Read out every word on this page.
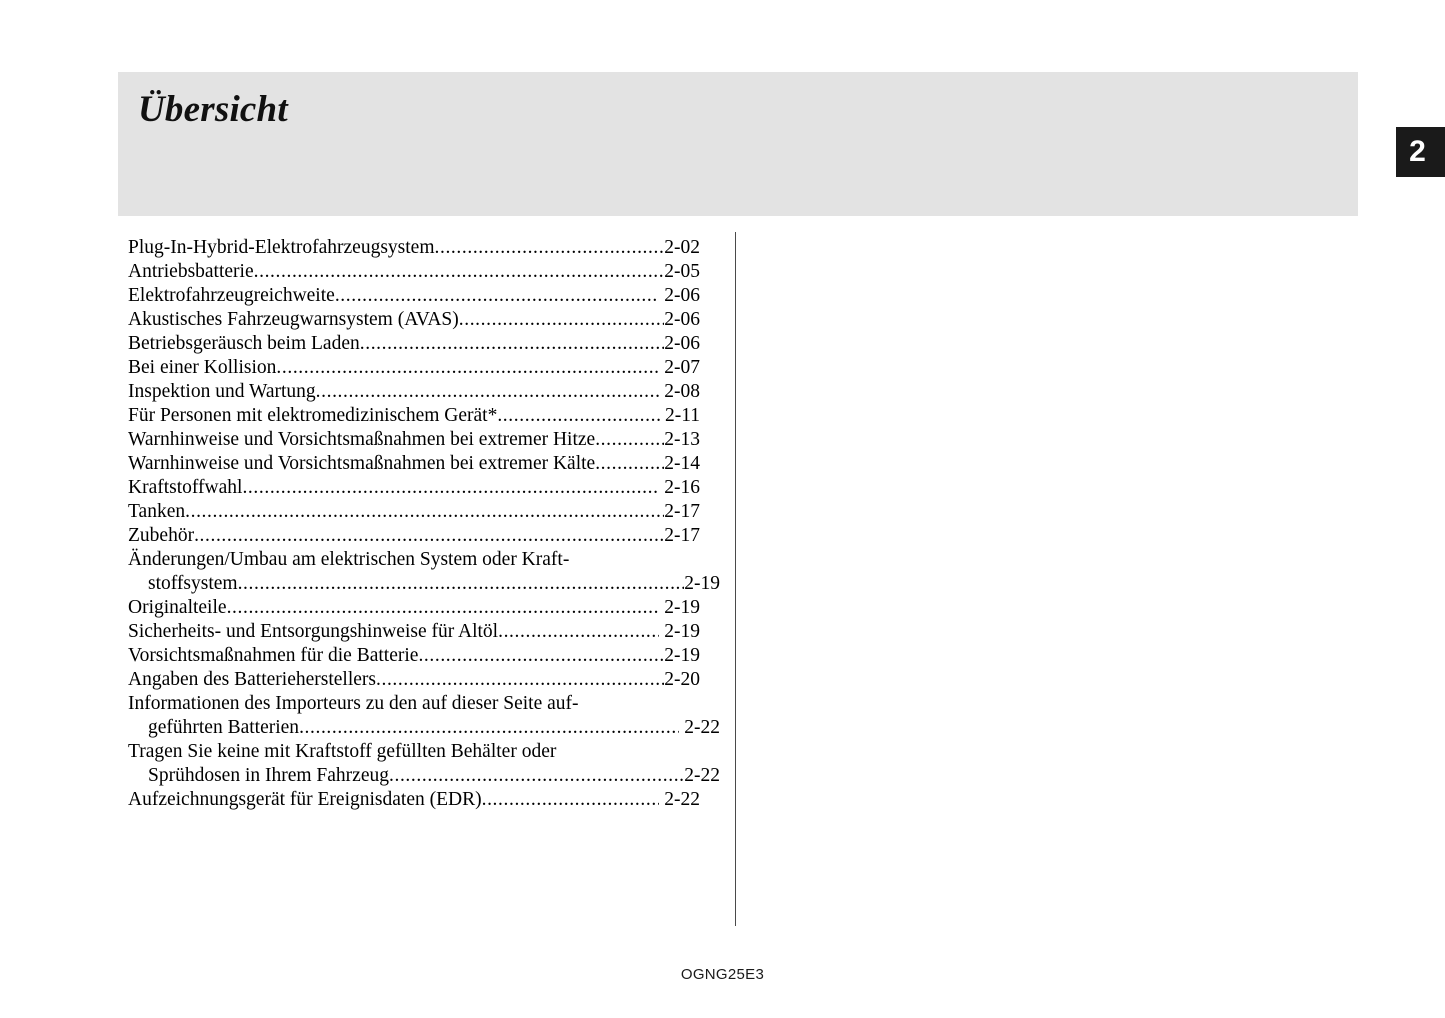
Übersicht
2
Plug-In-Hybrid-Elektrofahrzeugsystem .....	2-02
Antriebsbatterie .....	2-05
Elektrofahrzeugreichweite .....	2-06
Akustisches Fahrzeugwarnsystem (AVAS) .....	2-06
Betriebsgeräusch beim Laden .....	2-06
Bei einer Kollision .....	2-07
Inspektion und Wartung .....	2-08
Für Personen mit elektromedizinischem Gerät* .....	2-11
Warnhinweise und Vorsichtsmaßnahmen bei extremer Hitze .....	2-13
Warnhinweise und Vorsichtsmaßnahmen bei extremer Kälte .....	2-14
Kraftstoffwahl .....	2-16
Tanken .....	2-17
Zubehör .....	2-17
Änderungen/Umbau am elektrischen System oder Kraft-
stoffsystem .....	2-19
Originalteile .....	2-19
Sicherheits- und Entsorgungshinweise für Altöl .....	2-19
Vorsichtsmaßnahmen für die Batterie .....	2-19
Angaben des Batterieherstellers .....	2-20
Informationen des Importeurs zu den auf dieser Seite auf-
geführten Batterien .....	2-22
Tragen Sie keine mit Kraftstoff gefüllten Behälter oder
Sprühdosen in Ihrem Fahrzeug .....	2-22
Aufzeichnungsgerät für Ereignisdaten (EDR) .....	2-22
OGNG25E3
